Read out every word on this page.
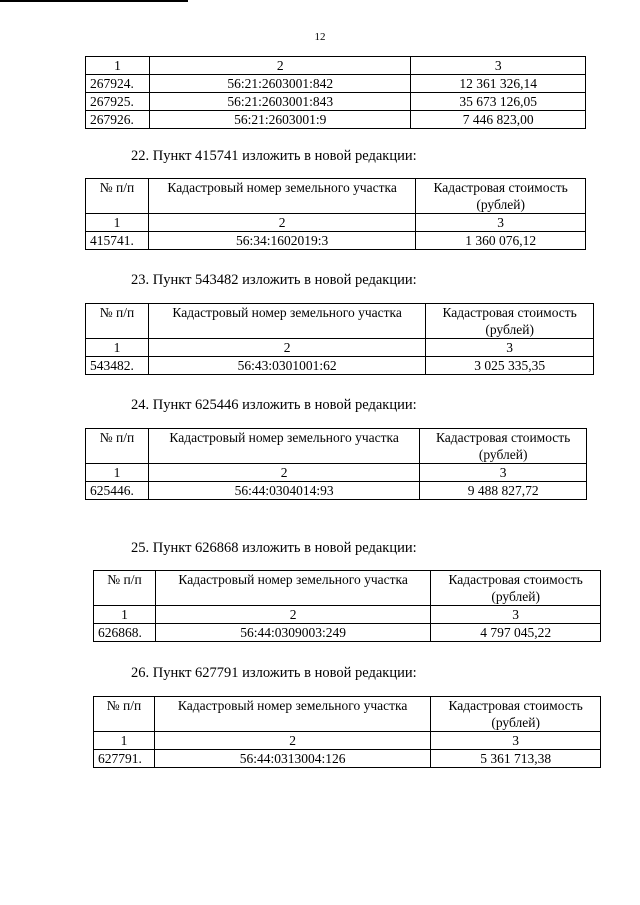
12
1	2	3
267924.	56:21:2603001:842	12 361 326,14
267925.	56:21:2603001:843	35 673 126,05
267926.	56:21:2603001:9	7 446 823,00
22. Пункт 415741 изложить в новой редакции:
№ п/п	Кадастровый номер земельного участка	Кадастровая стоимость
(рублей)
1	2	3
415741.	56:34:1602019:3	1 360 076,12
23. Пункт 543482 изложить в новой редакции:
№ п/п	Кадастровый номер земельного участка	Кадастровая стоимость
(рублей)
1	2	3
543482.	56:43:0301001:62	3 025 335,35
24. Пункт 625446 изложить в новой редакции:
№ п/п	Кадастровый номер земельного участка	Кадастровая стоимость
(рублей)
1	2	3
625446.	56:44:0304014:93	9 488 827,72
25. Пункт 626868 изложить в новой редакции:
№ п/п	Кадастровый номер земельного участка	Кадастровая стоимость
(рублей)
1	2	3
626868.	56:44:0309003:249	4 797 045,22
26. Пункт 627791 изложить в новой редакции:
№ п/п	Кадастровый номер земельного участка	Кадастровая стоимость
(рублей)
1	2	3
627791.	56:44:0313004:126	5 361 713,38
